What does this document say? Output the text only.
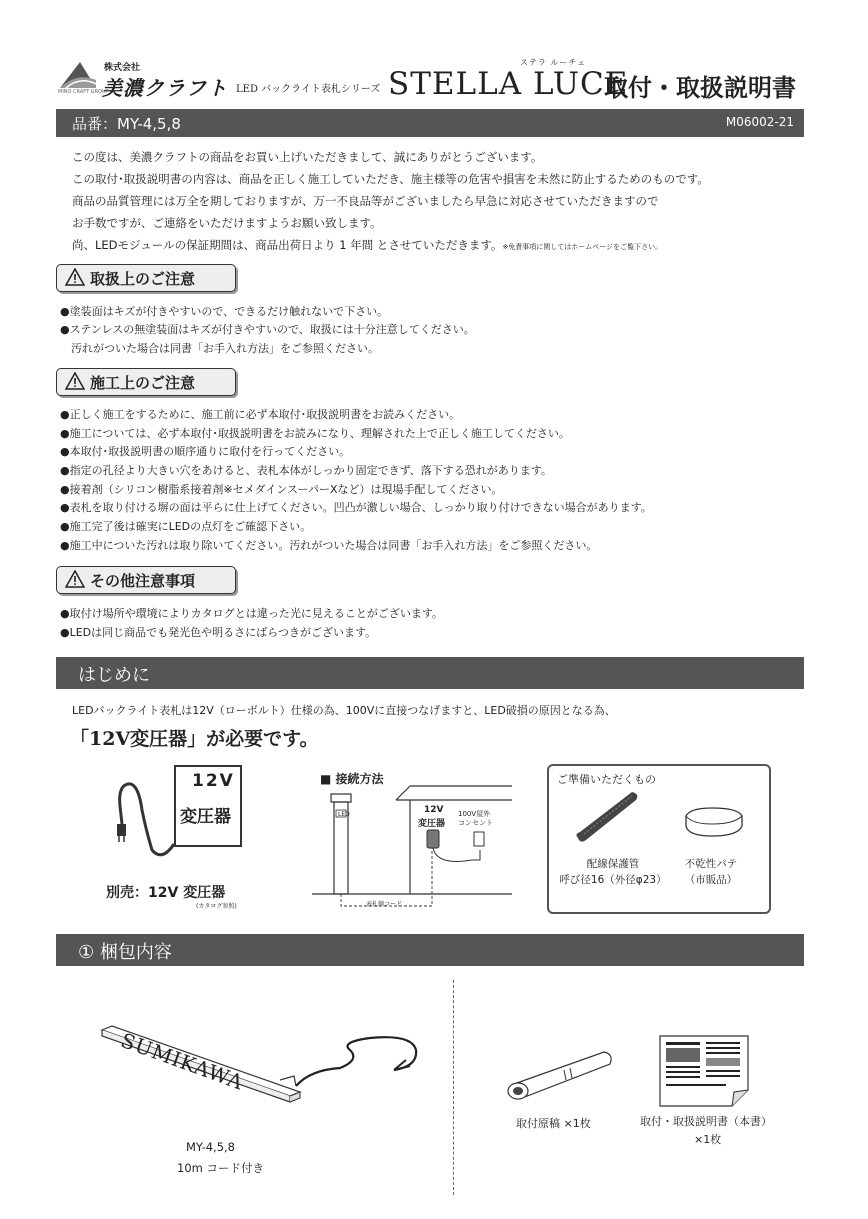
株式会社
美濃クラフト
MINO CRAFT GROUP	LED バックライト表札シリーズ
ステラ ルーチェ
STELLA LUCE
取付・取扱説明書
品番：MY-4,5,8	M06002-21
この度は、美濃クラフトの商品をお買い上げいただきまして、誠にありがとうございます。
この取付･取扱説明書の内容は、商品を正しく施工していただき、施主様等の危害や損害を未然に防止するためのものです。
商品の品質管理には万全を期しておりますが、万一不良品等がございましたら早急に対応させていただきますので
お手数ですが、ご連絡をいただけますようお願い致します。
尚、LEDモジュールの保証期間は、商品出荷日より 1 年間 とさせていただきます。※免責事項に関してはホームページをご覧下さい。
取扱上のご注意
●塗装面はキズが付きやすいので、できるだけ触れないで下さい。
●ステンレスの無塗装面はキズが付きやすいので、取扱には十分注意してください。
　汚れがついた場合は同書「お手入れ方法」をご参照ください。
施工上のご注意
●正しく施工をするために、施工前に必ず本取付･取扱説明書をお読みください。
●施工については、必ず本取付･取扱説明書をお読みになり、理解された上で正しく施工してください。
●本取付･取扱説明書の順序通りに取付を行ってください。
●指定の孔径より大きい穴をあけると、表札本体がしっかり固定できず、落下する恐れがあります。
●接着剤（シリコン樹脂系接着剤※セメダインスーパーXなど）は現場手配してください。
●表札を取り付ける塀の面は平らに仕上げてください。凹凸が激しい場合、しっかり取り付けできない場合があります。
●施工完了後は確実にLEDの点灯をご確認下さい。
●施工中についた汚れは取り除いてください。汚れがついた場合は同書「お手入れ方法」をご参照ください。
その他注意事項
●取付け場所や環境によりカタログとは違った光に見えることがございます。
●LEDは同じ商品でも発光色や明るさにばらつきがございます。
はじめに
LEDバックライト表札は12V（ローボルト）仕様の為、100Vに直接つなげますと、LED破損の原因となる為、
「12V変圧器」が必要です。
12V
変圧器
別売：12V 変圧器
(カタログ参照)
■ 接続方法
LED	12V
変圧器
100V屋外
コンセント
表札側コード
ご準備いただくもの
配線保護管
呼び径16（外径φ23）
不乾性パテ
（市販品）
① 梱包内容
SUMIKAWA
MY-4,5,8
10m コード付き
取付原稿 ×1枚	取付・取扱説明書（本書）
×1枚
